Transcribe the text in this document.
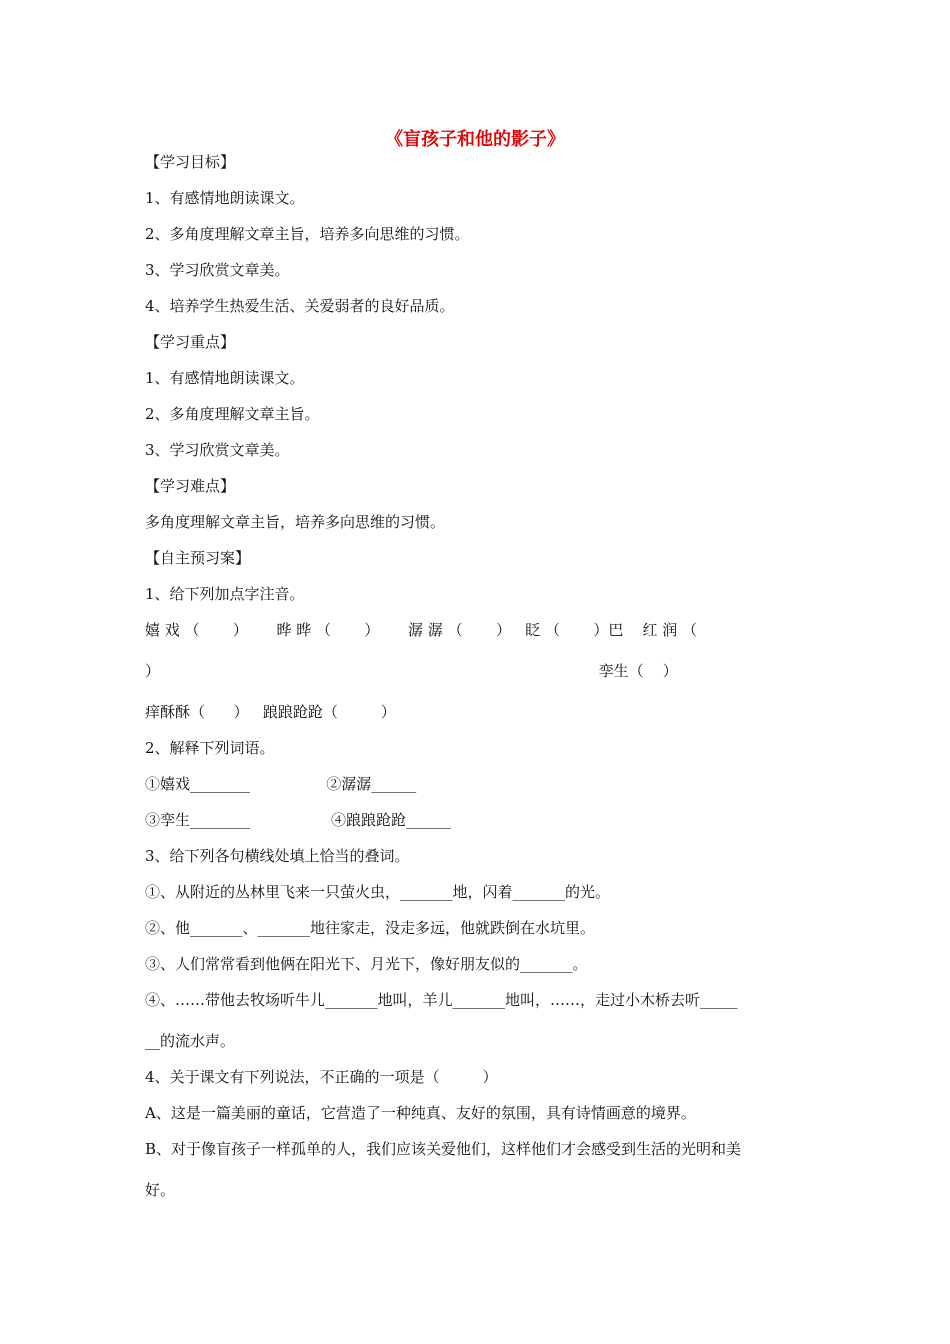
《盲孩子和他的影子》
【学习目标】
1、有感情地朗读课文。
2、多角度理解文章主旨，培养多向思维的习惯。
3、学习欣赏文章美。
4、培养学生热爱生活、关爱弱者的良好品质。
【学习重点】
1、有感情地朗读课文。
2、多角度理解文章主旨。
3、学习欣赏文章美。
【学习难点】
多角度理解文章主旨，培养多向思维的习惯。
【自主预习案】
1、给下列加点字注音。
嬉 戏 （       ）      晔 晔 （       ）      潺 潺 （       ）   眨 （       ）巴    红 润 （
）                                                                                            孪生（    ）
痒酥酥（      ）   踉踉跄跄（         ）
2、解释下列词语。
①嬉戏________                ②潺潺______
③孪生________                 ④踉踉跄跄______
3、给下列各句横线处填上恰当的叠词。
①、从附近的丛林里飞来一只萤火虫，_______地，闪着_______的光。
②、他_______、_______地往家走，没走多远，他就跌倒在水坑里。
③、人们常常看到他俩在阳光下、月光下，像好朋友似的_______。
④、……带他去牧场听牛儿_______地叫，羊儿_______地叫，……，走过小木桥去听_____
__的流水声。
4、关于课文有下列说法，不正确的一项是（         ）
A、这是一篇美丽的童话，它营造了一种纯真、友好的氛围，具有诗情画意的境界。
B、对于像盲孩子一样孤单的人，我们应该关爱他们，这样他们才会感受到生活的光明和美
好。
